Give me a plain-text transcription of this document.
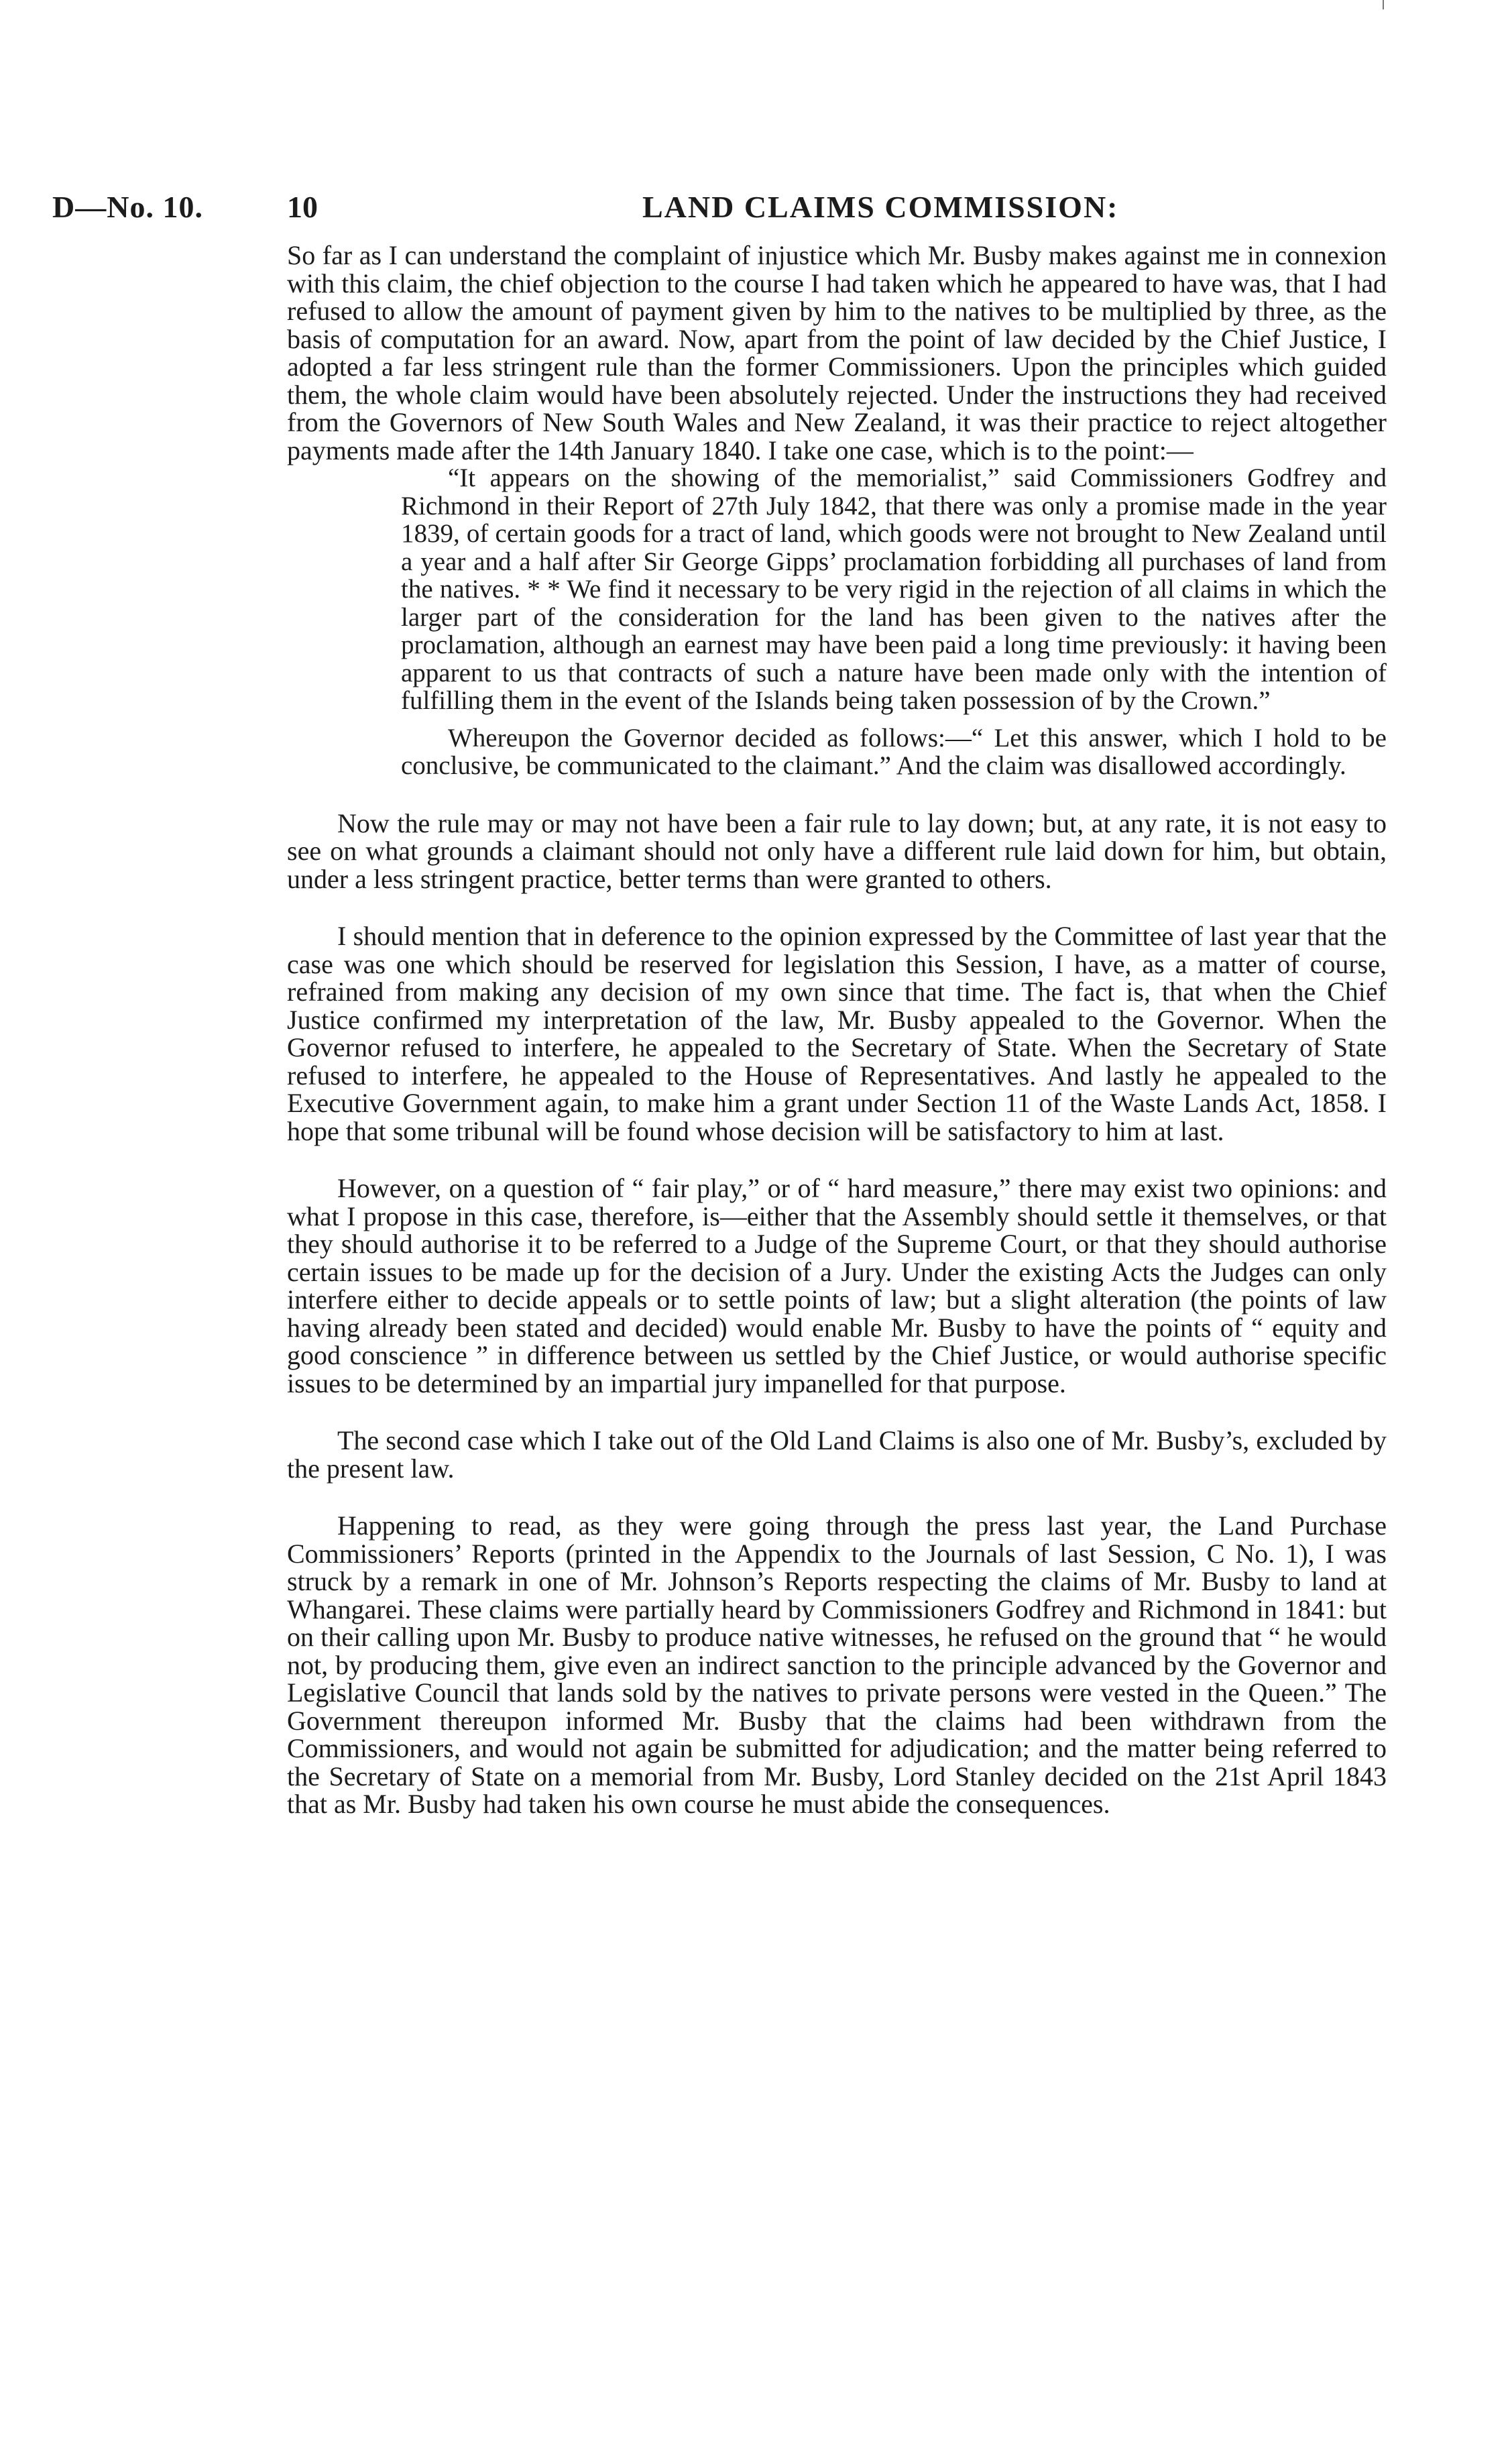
D—No. 10.	10	LAND CLAIMS COMMISSION:

So far as I can understand the complaint of injustice which Mr. Busby makes against me in connexion with this claim, the chief objection to the course I had taken which he appeared to have was, that I had refused to allow the amount of payment given by him to the natives to be multiplied by three, as the basis of computation for an award. Now, apart from the point of law decided by the Chief Justice, I adopted a far less stringent rule than the former Commissioners. Upon the principles which guided them, the whole claim would have been absolutely rejected. Under the instructions they had received from the Governors of New South Wales and New Zealand, it was their practice to reject altogether payments made after the 14th January 1840. I take one case, which is to the point:—

“It appears on the showing of the memorialist,” said Commissioners Godfrey and Richmond in their Report of 27th July 1842, that there was only a promise made in the year 1839, of certain goods for a tract of land, which goods were not brought to New Zealand until a year and a half after Sir George Gipps’ proclamation forbidding all purchases of land from the natives. * * We find it necessary to be very rigid in the rejection of all claims in which the larger part of the consideration for the land has been given to the natives after the proclamation, although an earnest may have been paid a long time previously: it having been apparent to us that contracts of such a nature have been made only with the intention of fulfilling them in the event of the Islands being taken possession of by the Crown.”

Whereupon the Governor decided as follows:—“ Let this answer, which I hold to be conclusive, be communicated to the claimant.” And the claim was disallowed accordingly.

Now the rule may or may not have been a fair rule to lay down; but, at any rate, it is not easy to see on what grounds a claimant should not only have a different rule laid down for him, but obtain, under a less stringent practice, better terms than were granted to others.

I should mention that in deference to the opinion expressed by the Committee of last year that the case was one which should be reserved for legislation this Session, I have, as a matter of course, refrained from making any decision of my own since that time. The fact is, that when the Chief Justice confirmed my interpretation of the law, Mr. Busby appealed to the Governor. When the Governor refused to interfere, he appealed to the Secretary of State. When the Secretary of State refused to interfere, he appealed to the House of Representatives. And lastly he appealed to the Executive Government again, to make him a grant under Section 11 of the Waste Lands Act, 1858. I hope that some tribunal will be found whose decision will be satisfactory to him at last.

However, on a question of “ fair play,” or of “ hard measure,” there may exist two opinions: and what I propose in this case, therefore, is—either that the Assembly should settle it themselves, or that they should authorise it to be referred to a Judge of the Supreme Court, or that they should authorise certain issues to be made up for the decision of a Jury. Under the existing Acts the Judges can only interfere either to decide appeals or to settle points of law; but a slight alteration (the points of law having already been stated and decided) would enable Mr. Busby to have the points of “ equity and good conscience ” in difference between us settled by the Chief Justice, or would authorise specific issues to be determined by an impartial jury impanelled for that purpose.

The second case which I take out of the Old Land Claims is also one of Mr. Busby’s, excluded by the present law.

Happening to read, as they were going through the press last year, the Land Purchase Commissioners’ Reports (printed in the Appendix to the Journals of last Session, C No. 1), I was struck by a remark in one of Mr. Johnson’s Reports respecting the claims of Mr. Busby to land at Whangarei. These claims were partially heard by Commissioners Godfrey and Richmond in 1841: but on their calling upon Mr. Busby to produce native witnesses, he refused on the ground that “ he would not, by producing them, give even an indirect sanction to the principle advanced by the Governor and Legislative Council that lands sold by the natives to private persons were vested in the Queen.” The Government thereupon informed Mr. Busby that the claims had been withdrawn from the Commissioners, and would not again be submitted for adjudication; and the matter being referred to the Secretary of State on a memorial from Mr. Busby, Lord Stanley decided on the 21st April 1843 that as Mr. Busby had taken his own course he must abide the consequences.
